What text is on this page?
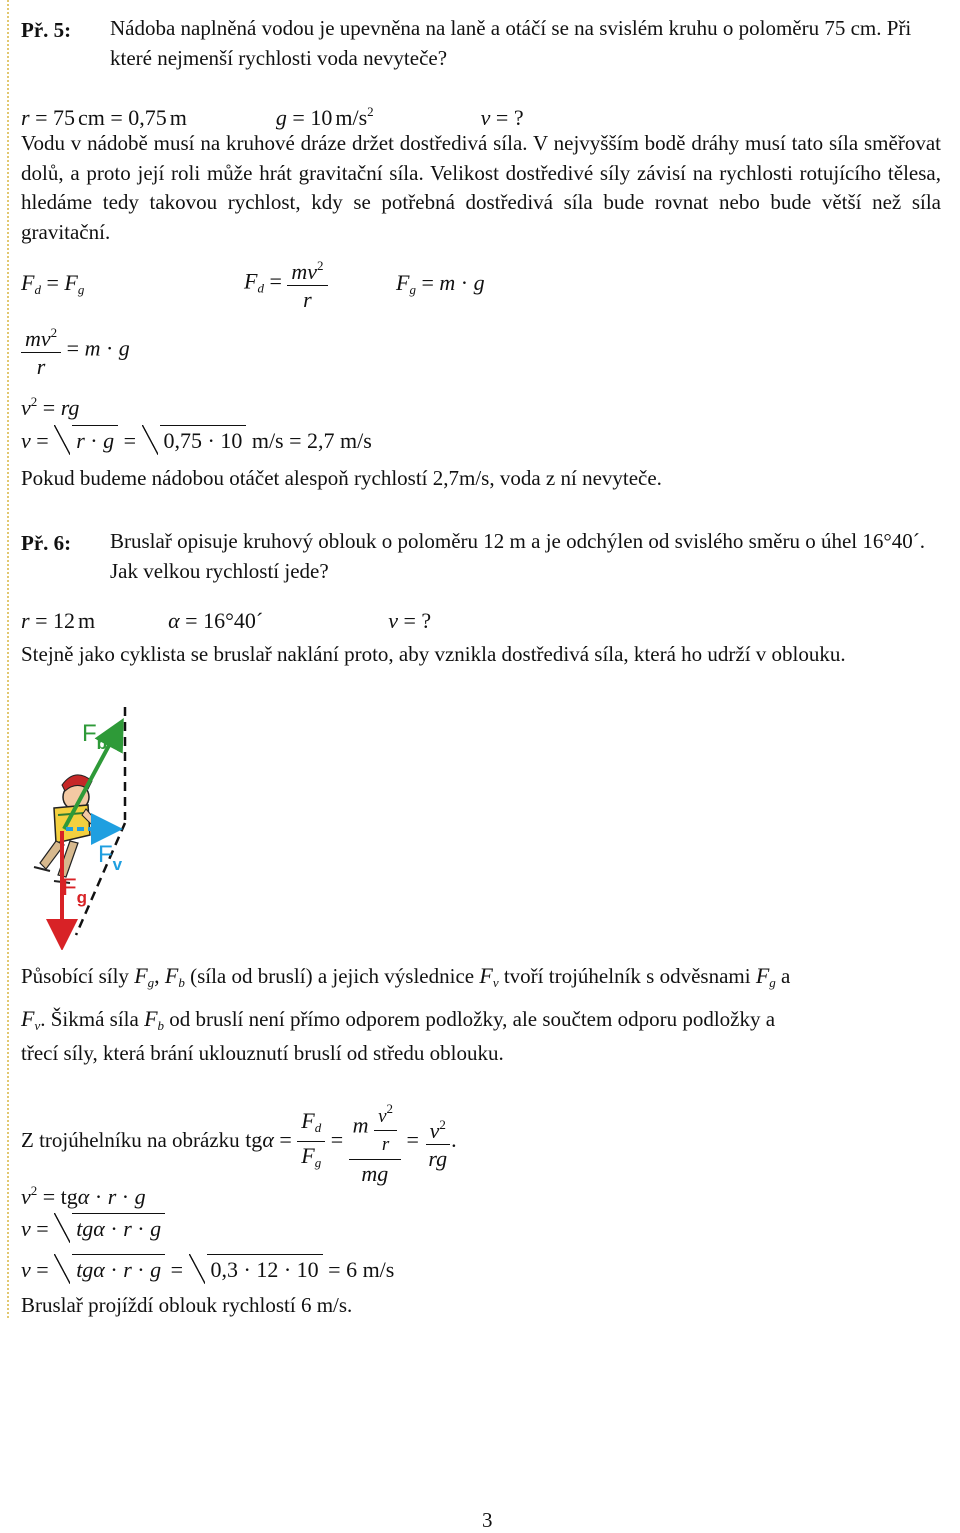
Př. 5: Nádoba naplněná vodou je upevněna na laně a otáčí se na svislém kruhu o poloměru 75 cm. Při které nejmenší rychlosti voda nevyteče?
r = 75 cm = 0,75 m	g = 10 $m/s^2$	v = ?
Vodu v nádobě musí na kruhové dráze držet dostředivá síla. V nejvyšším bodě dráhy musí tato síla směřovat dolů, a proto její roli může hrát gravitační síla. Velikost dostředivé síly závisí na rychlosti rotujícího tělesa, hledáme tedy takovou rychlost, kdy se potřebná dostředivá síla bude rovnat nebo bude větší než síla gravitační.
$F_d = F_g$	$F_d = \frac{mv^2}{r}$	$F_g = m \cdot g$
$\frac{mv^2}{r} = m \cdot g$
$v^2$ = rg
v = r · g = 0,75 · 10 m/s = 2,7 m/s
Pokud budeme nádobou otáčet alespoň rychlostí 2,7m/s, voda z ní nevyteče.
Př. 6: Bruslař opisuje kruhový oblouk o poloměru 12 m a je odchýlen od svislého směru o úhel 16°40´. Jak velkou rychlostí jede?
r = 12 m	α = 16°40´	v = ?
Stejně jako cyklista se bruslař naklání proto, aby vznikla dostředivá síla, která ho udrží v oblouku.
$F_b$
$F_v$
$F_g$
Působící síly $F_g$, $F_b$ (síla od bruslí) a jejich výslednice $F_v$ tvoří trojúhelník s odvěsnami $F_g$ a
$F_v$. Šikmá síla $F_b$ od bruslí není přímo odporem podložky, ale součtem odporu podložky a
třecí síly, která brání uklouznutí bruslí od středu oblouku.
Z trojúhelníku na obrázku $tg\alpha = \frac{F_d}{F_g} = \frac{m \frac{v^2}{r}}{mg} = \frac{v^2}{rg}$ .
$v^2 = tg\alpha \cdot r \cdot g$
v = tgα · r · g
v = tgα · r · g = 0,3 · 12 · 10 = 6 m/s
Bruslař projíždí oblouk rychlostí 6 m/s.
3
